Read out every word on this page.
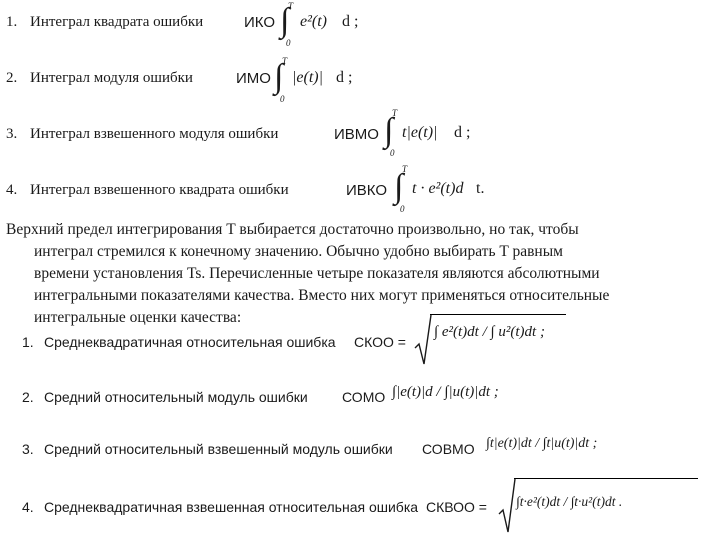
1. Интеграл квадрата ошибки	ИКО
T
∫
0
e²(t) d ;
2. Интеграл модуля ошибки	ИМО
T
∫
0
|e(t)| d ;
3. Интеграл взвешенного модуля ошибки	ИВМО
T
∫
0
t|e(t)| d ;
4. Интеграл взвешенного квадрата ошибки	ИВКО
T
∫
0
t · e²(t)d t.
Верхний предел интегрирования T выбирается достаточно произвольно, но так, чтобы
интеграл стремился к конечному значению. Обычно удобно выбирать T равным
времени установления Ts. Перечисленные четыре показателя являются абсолютными
интегральными показателями качества. Вместо них могут применяться относительные
интегральные оценки качества:
1. Среднеквадратичная относительная ошибка СКОО =
∫ e²(t)dt / ∫ u²(t)dt ;
2. Средний относительный модуль ошибки СОМО ∫|e(t)|d / ∫|u(t)|dt ;
3. Средний относительный взвешенный модуль ошибки СОВМО ∫t|e(t)|dt / ∫t|u(t)|dt ;
4. Среднеквадратичная взвешенная относительная ошибка СКВОО = ∫t·e²(t)dt / ∫t·u²(t)dt .
